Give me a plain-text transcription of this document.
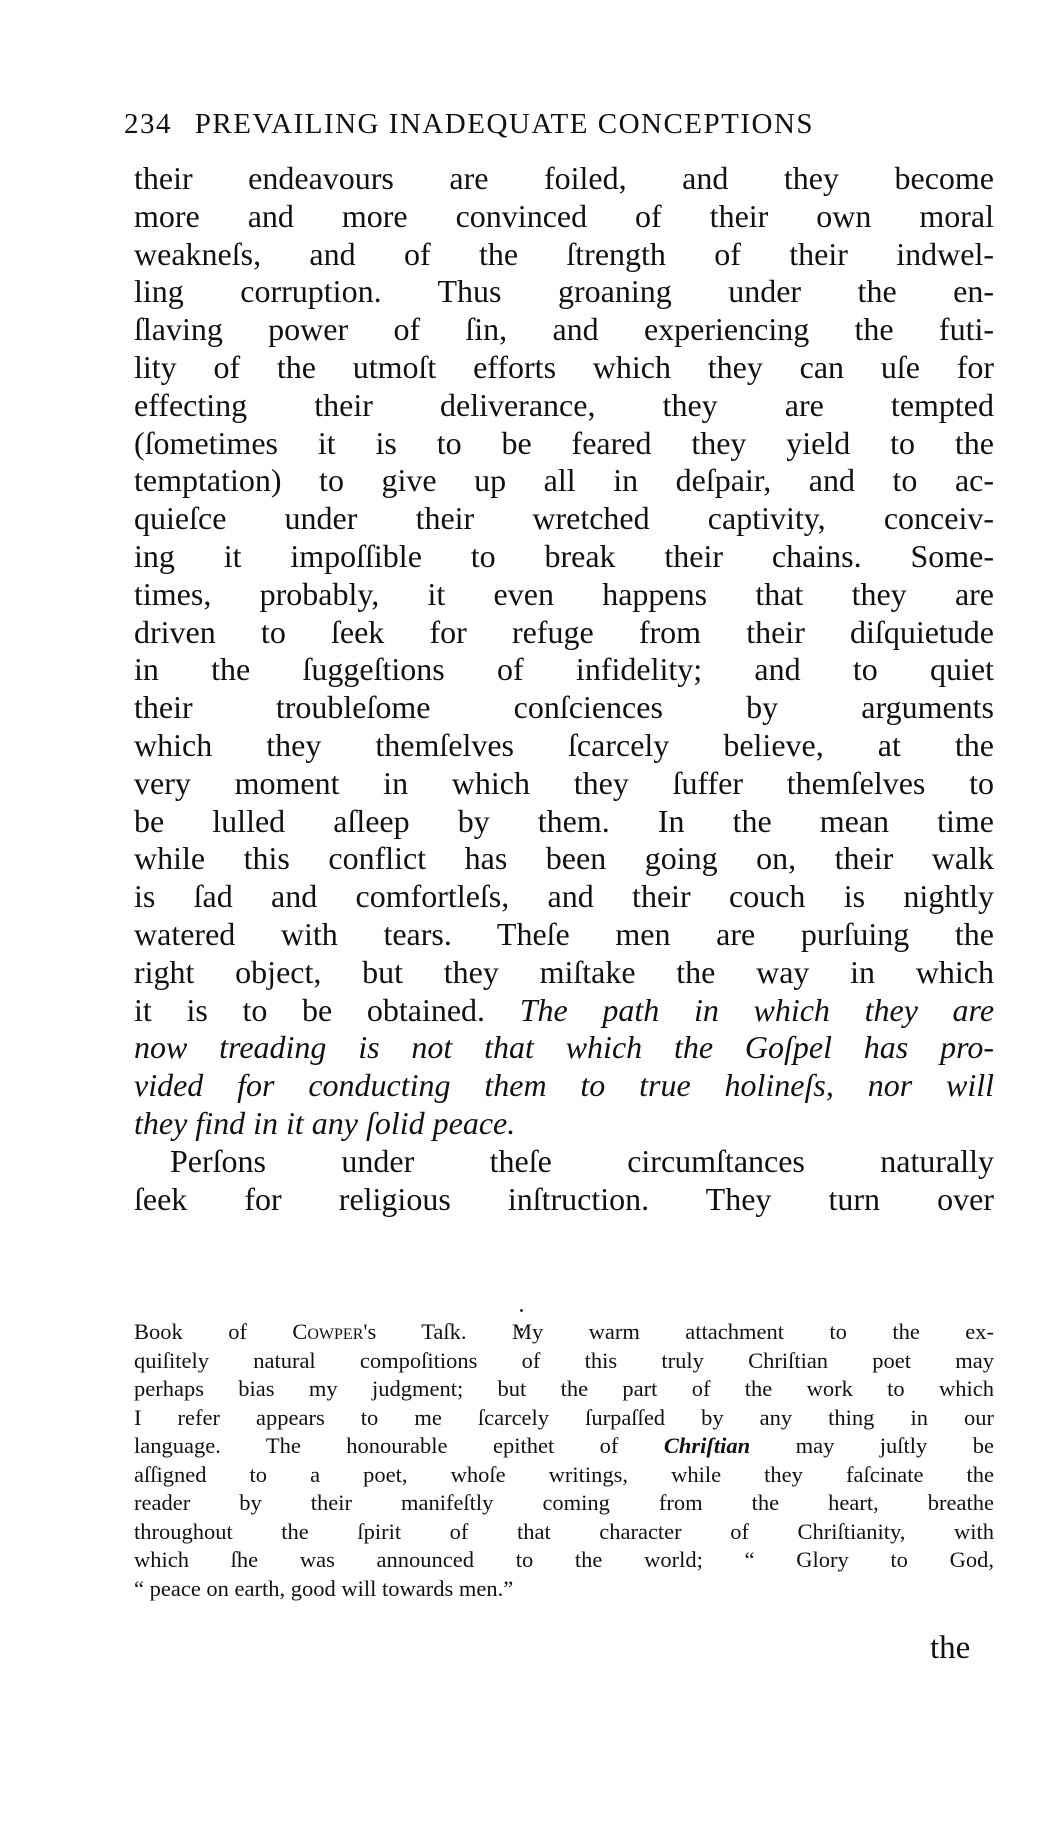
234 PREVAILING INADEQUATE CONCEPTIONS
their endeavours are foiled, and they become
more and more convinced of their own moral
weakneſs, and of the ſtrength of their indwel-
ling corruption. Thus groaning under the en-
ſlaving power of ſin, and experiencing the futi-
lity of the utmoſt efforts which they can uſe for
effecting their deliverance, they are tempted
(ſometimes it is to be feared they yield to the
temptation) to give up all in deſpair, and to ac-
quieſce under their wretched captivity, conceiv-
ing it impoſſible to break their chains. Some-
times, probably, it even happens that they are
driven to ſeek for refuge from their diſquietude
in the ſuggeſtions of infidelity; and to quiet
their troubleſome conſciences by arguments
which they themſelves ſcarcely believe, at the
very moment in which they ſuffer themſelves to
be lulled aſleep by them. In the mean time
while this conflict has been going on, their walk
is ſad and comfortleſs, and their couch is nightly
watered with tears. Theſe men are purſuing the
right object, but they miſtake the way in which
it is to be obtained. The path in which they are
now treading is not that which the Goſpel has pro-
vided for conducting them to true holineſs, nor will
they find in it any ſolid peace.
Perſons under theſe circumſtances naturally
ſeek for religious inſtruction. They turn over
Book of Cowper's Taſk. My warm attachment to the ex-
quiſitely natural compoſitions of this truly Chriſtian poet may
perhaps bias my judgment; but the part of the work to which
I refer appears to me ſcarcely ſurpaſſed by any thing in our
language. The honourable epithet of Chriſtian may juſtly be
aſſigned to a poet, whoſe writings, while they faſcinate the
reader by their manifeſtly coming from the heart, breathe
throughout the ſpirit of that character of Chriſtianity, with
which ſhe was announced to the world; “ Glory to God,
“ peace on earth, good will towards men.”
the
